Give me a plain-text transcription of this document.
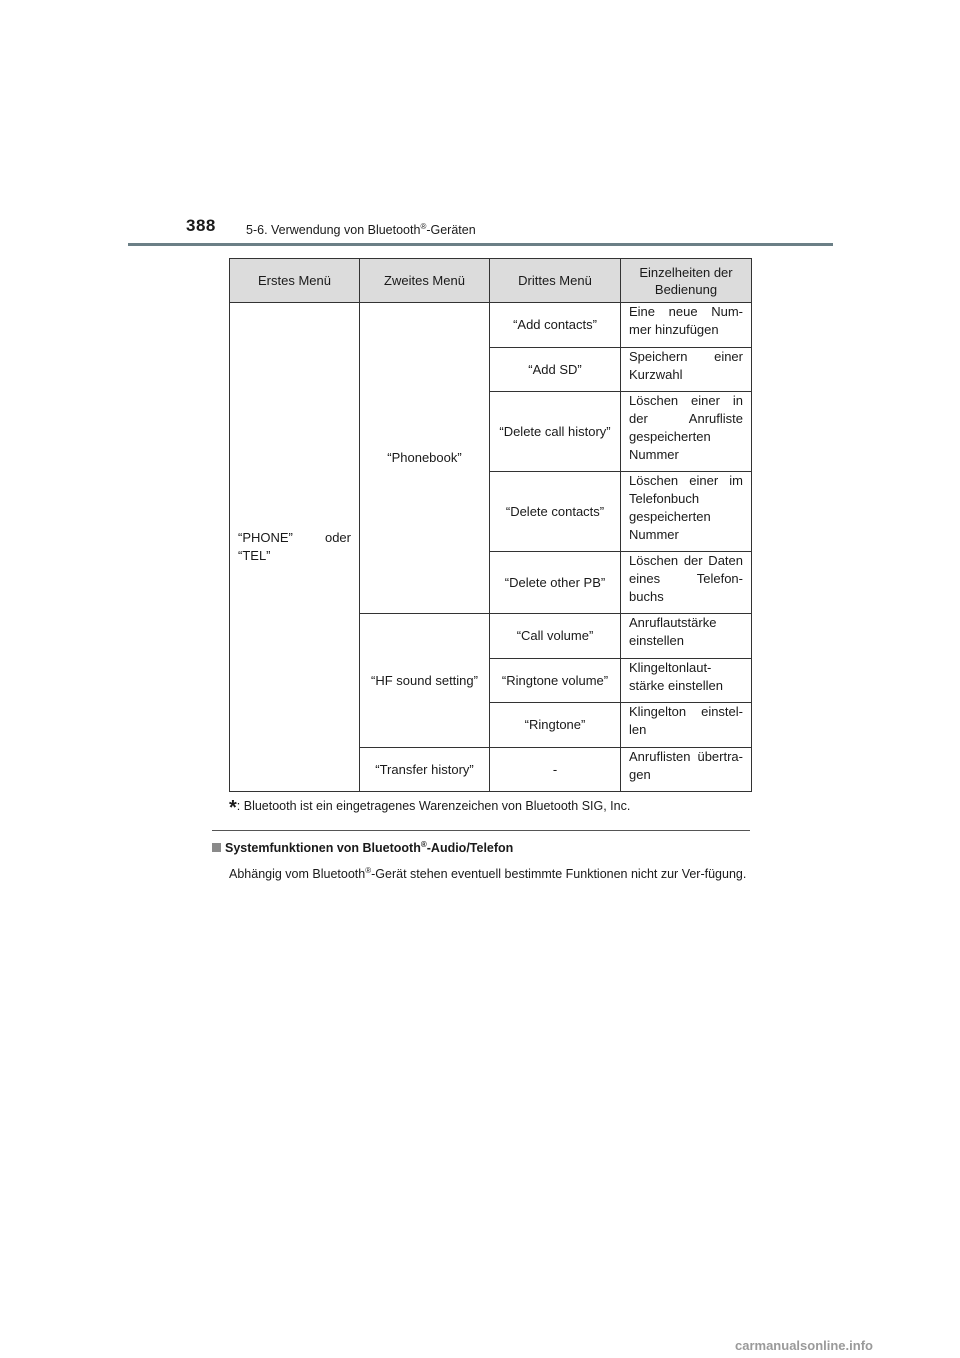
388 5-6. Verwendung von Bluetooth®-Geräten
Erstes Menü	Zweites Menü	Drittes Menü	Einzelheiten der Bedienung
“PHONE” oder “TEL”	“Phonebook”	“Add contacts”	Eine neue Num-mer hinzufügen
		“Add SD”	Speichern einer Kurzwahl
		“Delete call history”	Löschen einer in der Anrufliste gespeicherten Nummer
		“Delete contacts”	Löschen einer im Telefonbuch gespeicherten Nummer
		“Delete other PB”	Löschen der Daten eines Telefon-buchs
	“HF sound setting”	“Call volume”	Anruflautstärke einstellen
		“Ringtone volume”	Klingeltonlaut-stärke einstellen
		“Ringtone”	Klingelton einstel-len
	“Transfer history”	-	Anruflisten übertra-gen
*: Bluetooth ist ein eingetragenes Warenzeichen von Bluetooth SIG, Inc.
Systemfunktionen von Bluetooth®-Audio/Telefon
Abhängig vom Bluetooth®-Gerät stehen eventuell bestimmte Funktionen nicht zur Ver-fügung.
carmanualsonline.info
